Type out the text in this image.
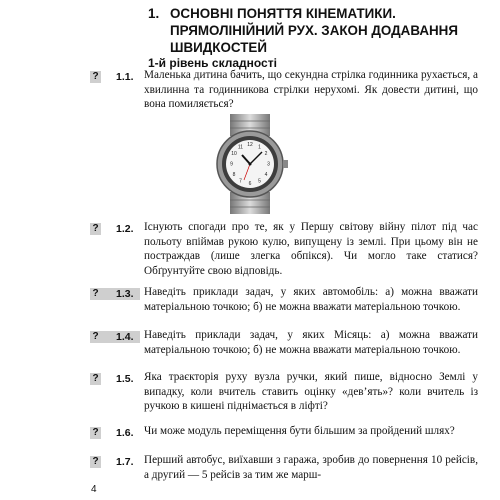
1. ОСНОВНІ ПОНЯТТЯ КІНЕМАТИКИ. ПРЯМОЛІНІЙНИЙ РУХ. ЗАКОН ДОДАВАННЯ ШВИДКОСТЕЙ
1-й рівень складності
? 1.1. Маленька дитина бачить, що секундна стрілка годинника рухається, а хвилинна та годинникова стрілки нерухомі. Як довести дитині, що вона помиляється?
12 1
2
3
4
5
6
7
8
9
10
11
? 1.2. Існують спогади про те, як у Першу світову війну пілот під час польоту впіймав рукою кулю, випущену із землі. При цьому він не постраждав (лише злегка обпікся). Чи могло таке статися? Обґрунтуйте свою відповідь.
? 1.3. Наведіть приклади задач, у яких автомобіль: а) можна вважати матеріальною точкою; б) не можна вважати матеріальною точкою.
? 1.4. Наведіть приклади задач, у яких Місяць: а) можна вважати матеріальною точкою; б) не можна вважати матеріальною точкою.
? 1.5. Яка траєкторія руху вузла ручки, який пише, відносно Землі у випадку, коли вчитель ставить оцінку «дев’ять»? коли вчитель із ручкою в кишені піднімається в ліфті?
? 1.6. Чи може модуль переміщення бути більшим за пройдений шлях?
? 1.7. Перший автобус, виїхавши з гаража, зробив до повернення 10 рейсів, а другий — 5 рейсів за тим же марш-
4
